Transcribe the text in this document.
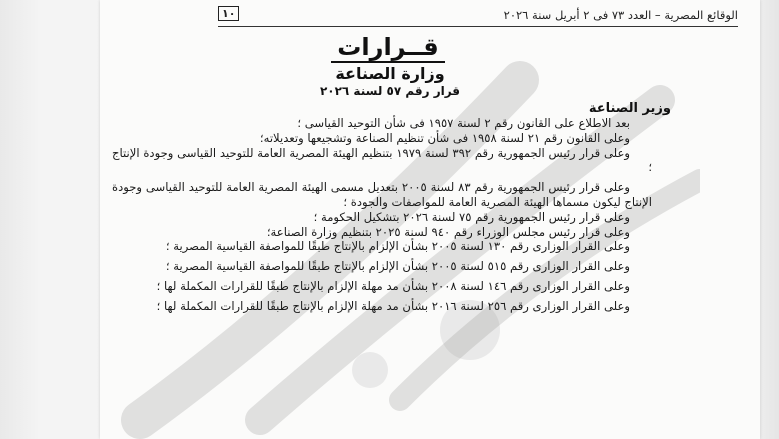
الوقائع المصرية – العدد ٧٣ فى ٢ أبريل سنة ٢٠٢٦
١٠
قــرارات
وزارة الصناعة
قرار رقم ٥٧ لسنة ٢٠٢٦
وزير الصناعة

بعد الاطلاع على القانون رقم ٢ لسنة ١٩٥٧ فى شأن التوحيد القياسى ؛

وعلى القانون رقم ٢١ لسنة ١٩٥٨ فى شأن تنظيم الصناعة وتشجيعها وتعديلاته؛

وعلى قرار رئيس الجمهورية رقم ٣٩٢ لسنة ١٩٧٩ بتنظيم الهيئة المصرية العامة للتوحيد القياسى وجودة الإنتاج ؛

وعلى قرار رئيس الجمهورية رقم ٨٣ لسنة ٢٠٠٥ بتعديل مسمى الهيئة المصرية العامة للتوحيد القياسى وجودة الإنتاج ليكون مسماها الهيئة المصرية العامة للمواصفات والجودة ؛

وعلى قرار رئيس الجمهورية رقم ٧٥ لسنة ٢٠٢٦ بتشكيل الحكومة ؛

وعلى قرار رئيس مجلس الوزراء رقم ٩٤٠ لسنة ٢٠٢٥ بتنظيم وزارة الصناعة؛

وعلى القرار الوزارى رقم ١٣٠ لسنة ٢٠٠٥ بشأن الإلزام بالإنتاج طبقًا للمواصفة القياسية المصرية ؛

وعلى القرار الوزارى رقم ٥١٥ لسنة ٢٠٠٥ بشأن الإلزام بالإنتاج طبقًا للمواصفة القياسية المصرية ؛

وعلى القرار الوزارى رقم ١٤٦ لسنة ٢٠٠٨ بشأن مد مهلة الإلزام بالإنتاج طبقًا للقرارات المكملة لها ؛

وعلى القرار الوزارى رقم ٢٥٦ لسنة ٢٠١٦ بشأن مد مهلة الإلزام بالإنتاج طبقًا للقرارات المكملة لها ؛
